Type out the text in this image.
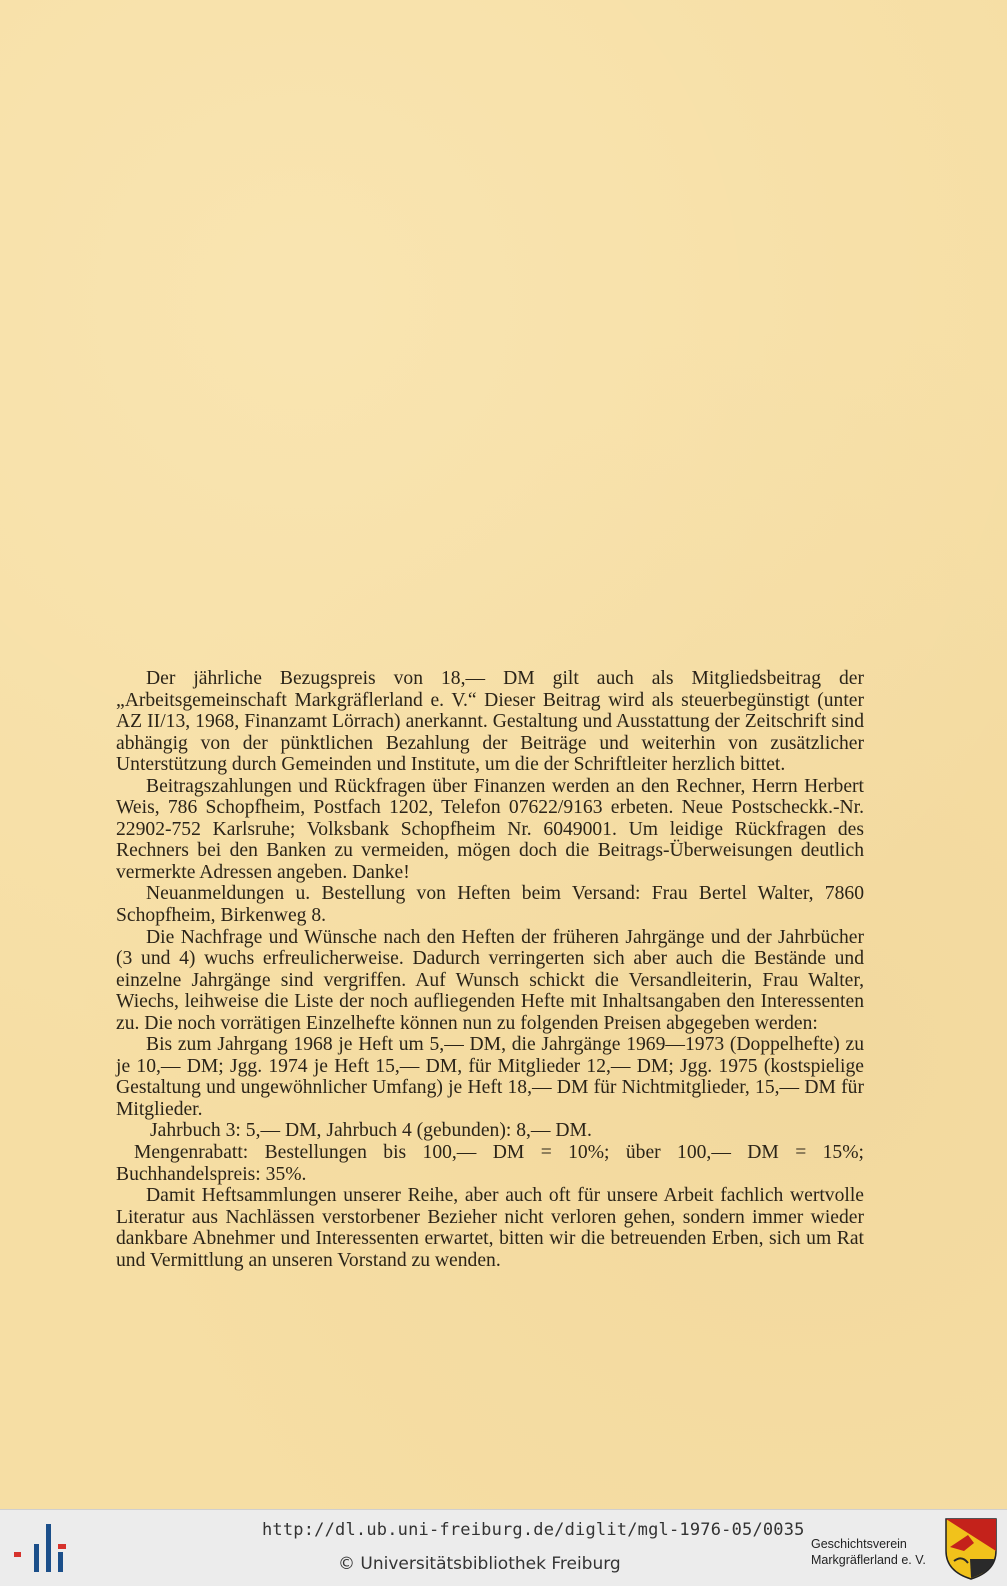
Der jährliche Bezugspreis von 18,— DM gilt auch als Mitgliedsbeitrag der „Arbeitsgemeinschaft Markgräflerland e. V.“ Dieser Beitrag wird als steuerbegünstigt (unter AZ II/13, 1968, Finanzamt Lörrach) anerkannt. Gestaltung und Ausstattung der Zeitschrift sind abhängig von der pünktlichen Bezahlung der Beiträge und weiterhin von zusätzlicher Unterstützung durch Gemeinden und Institute, um die der Schriftleiter herzlich bittet.

Beitragszahlungen und Rückfragen über Finanzen werden an den Rechner, Herrn Herbert Weis, 786 Schopfheim, Postfach 1202, Telefon 07622/9163 erbeten. Neue Postscheckk.-Nr. 22902-752 Karlsruhe; Volksbank Schopfheim Nr. 6049001. Um leidige Rückfragen des Rechners bei den Banken zu vermeiden, mögen doch die Beitrags-Überweisungen deutlich vermerkte Adressen angeben. Danke!

Neuanmeldungen u. Bestellung von Heften beim Versand: Frau Bertel Walter, 7860 Schopfheim, Birkenweg 8.

Die Nachfrage und Wünsche nach den Heften der früheren Jahrgänge und der Jahrbücher (3 und 4) wuchs erfreulicherweise. Dadurch verringerten sich aber auch die Bestände und einzelne Jahrgänge sind vergriffen. Auf Wunsch schickt die Versandleiterin, Frau Walter, Wiechs, leihweise die Liste der noch aufliegenden Hefte mit Inhaltsangaben den Interessenten zu. Die noch vorrätigen Einzelhefte können nun zu folgenden Preisen abgegeben werden:

Bis zum Jahrgang 1968 je Heft um 5,— DM, die Jahrgänge 1969—1973 (Doppelhefte) zu je 10,— DM; Jgg. 1974 je Heft 15,— DM, für Mitglieder 12,— DM; Jgg. 1975 (kostspielige Gestaltung und ungewöhnlicher Umfang) je Heft 18,— DM für Nichtmitglieder, 15,— DM für Mitglieder.

Jahrbuch 3: 5,— DM, Jahrbuch 4 (gebunden): 8,— DM.

Mengenrabatt: Bestellungen bis 100,— DM = 10%; über 100,— DM = 15%; Buchhandelspreis: 35%.

Damit Heftsammlungen unserer Reihe, aber auch oft für unsere Arbeit fachlich wertvolle Literatur aus Nachlässen verstorbener Bezieher nicht verloren gehen, sondern immer wieder dankbare Abnehmer und Interessenten erwartet, bitten wir die betreuenden Erben, sich um Rat und Vermittlung an unseren Vorstand zu wenden.

http://dl.ub.uni-freiburg.de/diglit/mgl-1976-05/0035
© Universitätsbibliothek Freiburg
Geschichtsverein
Markgräflerland e. V.
